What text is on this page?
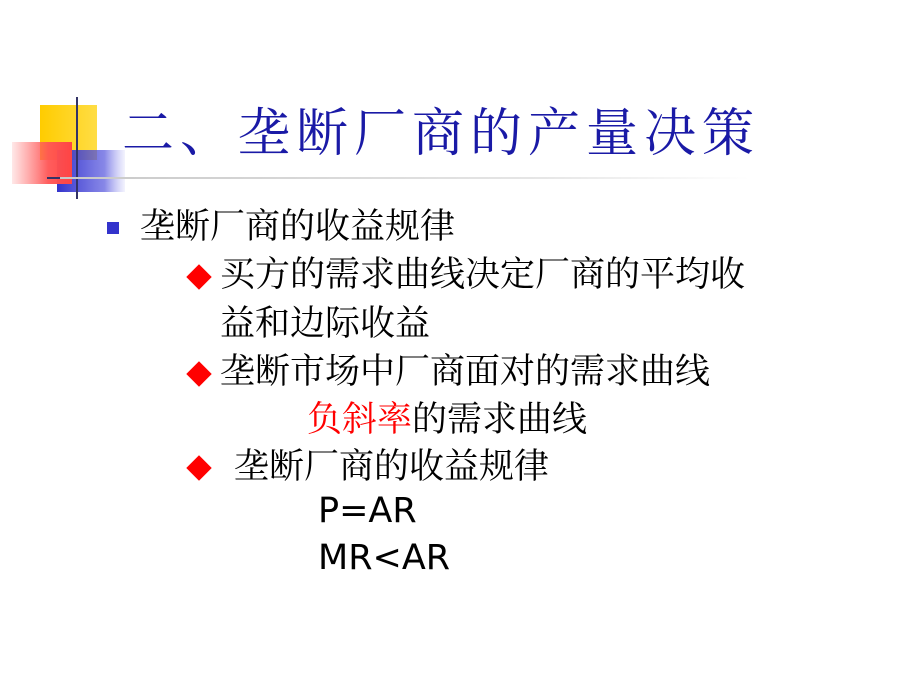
二、垄断厂商的产量决策
垄断厂商的收益规律
买方的需求曲线决定厂商的平均收
益和边际收益
垄断市场中厂商面对的需求曲线
负斜率的需求曲线
垄断厂商的收益规律
P=AR
MR<AR
